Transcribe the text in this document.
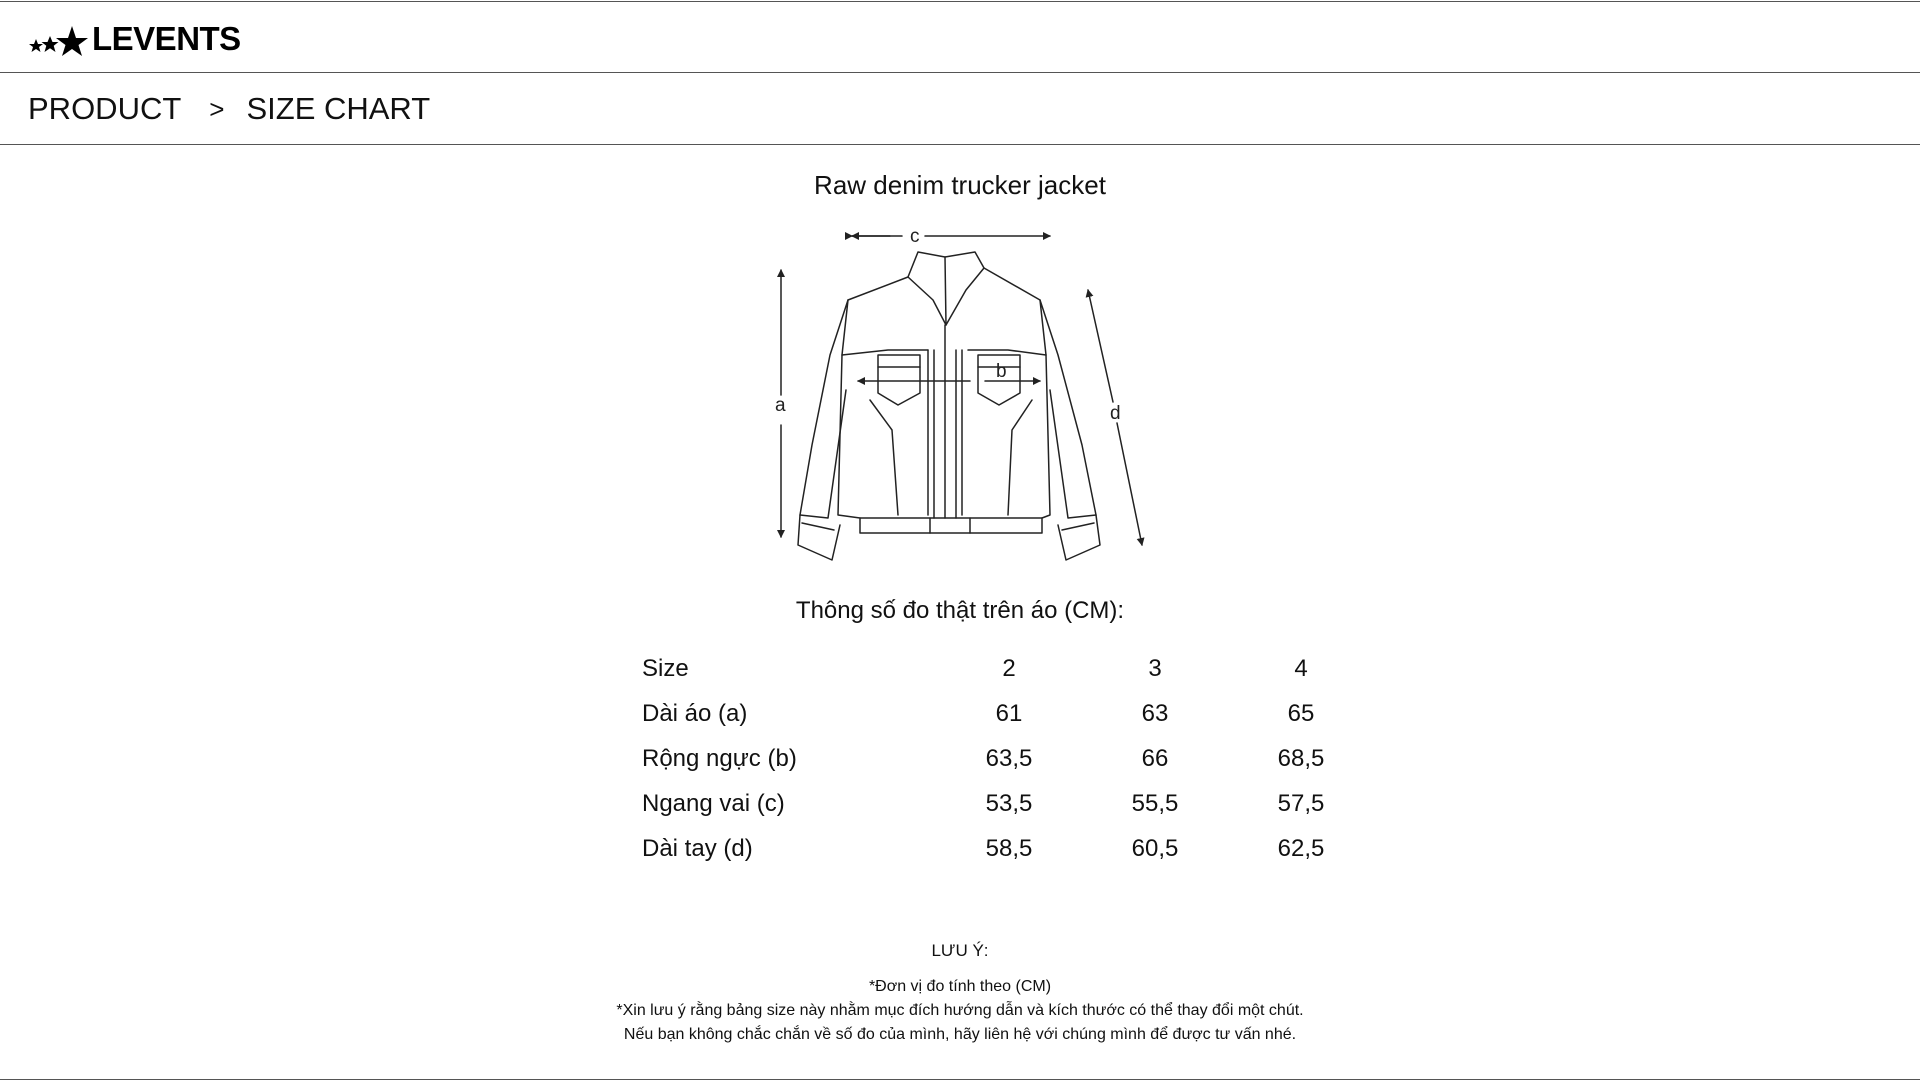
LEVENTS
PRODUCT > SIZE CHART
Raw denim trucker jacket
c
a	d
b
Thông số đo thật trên áo (CM):
Size	2	3	4
Dài áo (a)	61	63	65
Rộng ngực (b)	63,5	66	68,5
Ngang vai (c)	53,5	55,5	57,5
Dài tay (d)	58,5	60,5	62,5
LƯU Ý:
*Đơn vị đo tính theo (CM)
*Xin lưu ý rằng bảng size này nhằm mục đích hướng dẫn và kích thước có thể thay đổi một chút.
Nếu bạn không chắc chắn về số đo của mình, hãy liên hệ với chúng mình để được tư vấn nhé.
